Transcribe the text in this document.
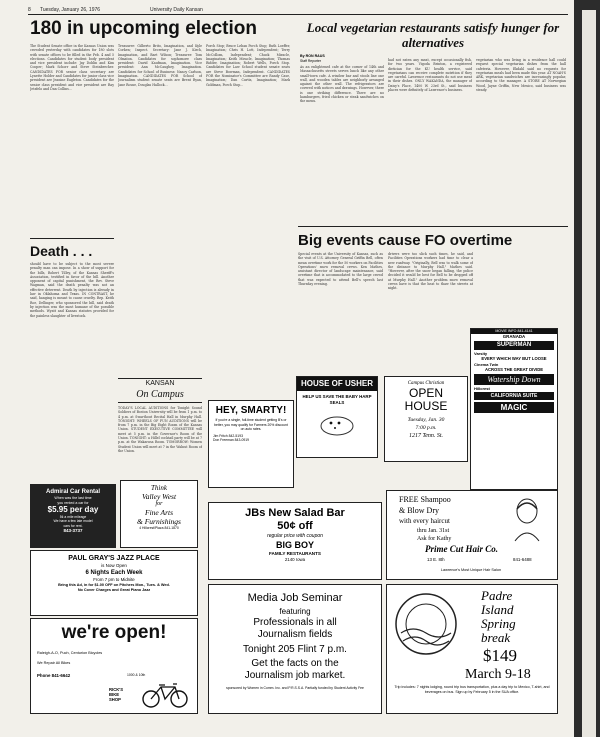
8 Tuesday, January 26, 1976	University Daily Kansan
180 in upcoming election
The Student Senate office in the Kansas Union was crowded yesterday with candidates for 180 slots with senate offices to be filled in the Feb. 4 and 5 elections. Candidates for student body president and vice president include: Jay Doblin and Kim Cooper; Mark Schorr and Steve Steinbrecher. CANDIDATES FOR senior class secretary are Lynette Holder and Candidates for junior class vice president are Jeanine Eagleton. Candidates for the senior class president and vice president are Ray Jetzfelo and Dan Collins...
Treasurer: Gilberto Brito, Imagination, and Kyle Corken; Inspect. Secretary: Jane J. Kirch, Imagination, and Bart Wilson; Treasurer: Tom Olmaton. Candidates for sophomore class president: David Kaufman, Imagination. Vice president: Ann McCaughey, Imagination. Candidates for School of Business: Nancy Carlson, Imagination. CANDIDATES FOR School of Journalism student senate seats are Brent Ryan, Jane Rouse, Douglas Hallock...
Porch Stop; Bruce Leban Porch Stop; Ruth Loeffer, Imagination; Chris H. Lott, Independent; Terry McCollom, Independent; Chuck Miracle, Imagination; Keith Miracle, Imagination; Thomas Ridder, Imagination; Robert Wells, Porch Stop. Candidates for Law School student senate seats are Steve Bowman, Independent. CANDIDATES FOR the Nominator's Committee are Randy Case, Imagination; Dan Curtis, Imagination; Mark Goldman, Porch Stop...
Local vegetarian restaurants satisfy hunger for alternatives
By RON RAUS
Staff Reporter
As an enlightened cafe at the corner of 14th and Massachusetts streets serves lunch like any other small-town cafe. A window bar and stools line one wall, and wooden tables are neighborly arranged against the other wall. The refrigerators are covered with notices and drawings. However, there is one striking difference. There are no hamburgers, fried chicken or steak sandwiches on the menu.
had not eaten any meat, except occasionally fish, for two years. Vigoda Brinton, a registered dietician for the KU health service, said vegetarians can receive complete nutrition if they are careful. Lawrence restaurants do not use meat in their dishes. ONLY WAKANDA, the manager of Daisy's Place, 1400 W. 23rd St., said business places were definitely of Lawrence's business.
vegetarian who was living in a residence hall could request special vegetarian dishes from the hall cafeteria. However, Ekdahl said no requests for vegetarian meals had been made this year. AT NOAH'S ARK, vegetarian sandwiches are increasingly popular, according to the manager. A STORE AT Norwegian Wood, Jayne Griffin, New Mexico, said business was steady.
Death . . .
should have to be subject to the most severe penalty man can impose. In a show of support for the bills, Robert Tilley, of the Kansas Sheriff's Association, testified in favor of the bill. Another opponent of capital punishment, the Rev. Steve Wagman, said the death penalty was not an effective deterrent. Death by injection is already in law in Oklahoma and Texas. IN CONTRAST, he said, hanging is meant to cause cruelty. Rep. Keith Roe, Dellinger, who sponsored the bill, said death by injection was the most humane of the possible methods. Wyatt and Kansas statutes provided for the painless slaughter of livestock.
KANSAN
On Campus
TODAY'S LOCAL AUDITIONS for Tonight Sound Soldiers of Boston University will be from 1 p.m. to 4 p.m. at Swarthout Recital Hall in Murphy Hall. TONIGHT: WHEELS OF FUN AUDITIONS will be from 7 p.m. in the Big Eight Room of the Kansas Union. STUDENT EXECUTIVE COMMITTEE will meet at 5 p.m. in the Governor's Room of the Union. TONIGHT: a Hillel cocktail party will be at 7 p.m. at the Wakarusa Room. TOMORROW: Women Student Union will meet at 7 in the Walnut Room of the Union.
Big events cause FO overtime
Special events at the University of Kansas, such as the visit of U.S. Attorney General Griffin Bell, often mean overtime work for the 50 workers on Facilities Operations' snow removal crews. Ken Mathes, assistant director of landscape maintenance, said overtime that is accommodated to the large crowd that was expected to attend Bell's speech last Thursday evening.
drivers were too slick such times, he said, and Facilities Operations workers had time to clear a new roadway. "Originally, Bell was to walk some of the distance to Murphy Hall," Mathes said. "However, after the snow began falling, the police decided it would be best for Bell to be dropped off at Murphy Hall." Another problem snow removal crews have is that the heat to thaw the streets at night.
Admiral Car Rental
When was the last time
you rented a car for
$5.95 per day
5¢ a mile mileage
We have a few late model
cars for rent.
843-3737
PAUL GRAY'S JAZZ PLACE
is Now Open
6 Nights Each Week
From 7 pm to Midnite
Bring this Ad, in for $1.00 OFF on Pitchers Mon., Tues. & Wed.
No Cover Charges and Great Piano Jazz
we're open!
Raleigh-A-O, Puch, Centurion Bicycles
We Repair All Bikes
Phone 841-6642	1000 & 10th
RICK'S BIKE SHOP
Think
Valley West
for
Fine Arts
& Furnishings
4 Hillcrest/Plaza 841-1870
HOUSE OF USHER
HELP US SAVE THE BABY HARP SEALS
HEY, SMARTY!
If you're a single, full-time student getting B's or better, you may qualify for Farmers 20% discount on auto rates.
Jim Fritch 842-5193
Don Freeman 843-0919
Campus Christian
OPEN
HOUSE
Tuesday, Jan. 30
7:00 p.m.
1217 Tenn. St.
MOVIE INFO 841-4141
GRANADA
SUPERMAN
Varsity
EVERY WHICH WAY BUT LOOSE
Cinema Twin
ACROSS THE GREAT DIVIDE
Watership Down
Hillcrest
CALIFORNIA SUITE
MAGIC
JBs New Salad Bar
50¢ off
regular price with coupon
BIG BOY
FAMILY RESTAURANTS
2140 Iowa
FREE Shampoo
& Blow Dry
with every haircut
thru Jan. 31st
Ask for Kathy
Prime Cut Hair Co.
13 E. 8th	841-6488
Lawrence's Most Unique Hair Salon
Media Job Seminar
featuring
Professionals in all
Journalism fields
Tonight 205 Flint 7 p.m.
Get the facts on the
Journalism job market.
sponsored by Women in Comm. Inc. and P.R.S.S.A. Partially funded by Student Activity Fee
Padre
Island
Spring
break
$149
March 9-18
Trip includes: 7 nights lodging, round trip bus transportation, plus a day trip to Mexico, T-shirt, and beverages on bus. Sign up by February 5 in the SUA office.
